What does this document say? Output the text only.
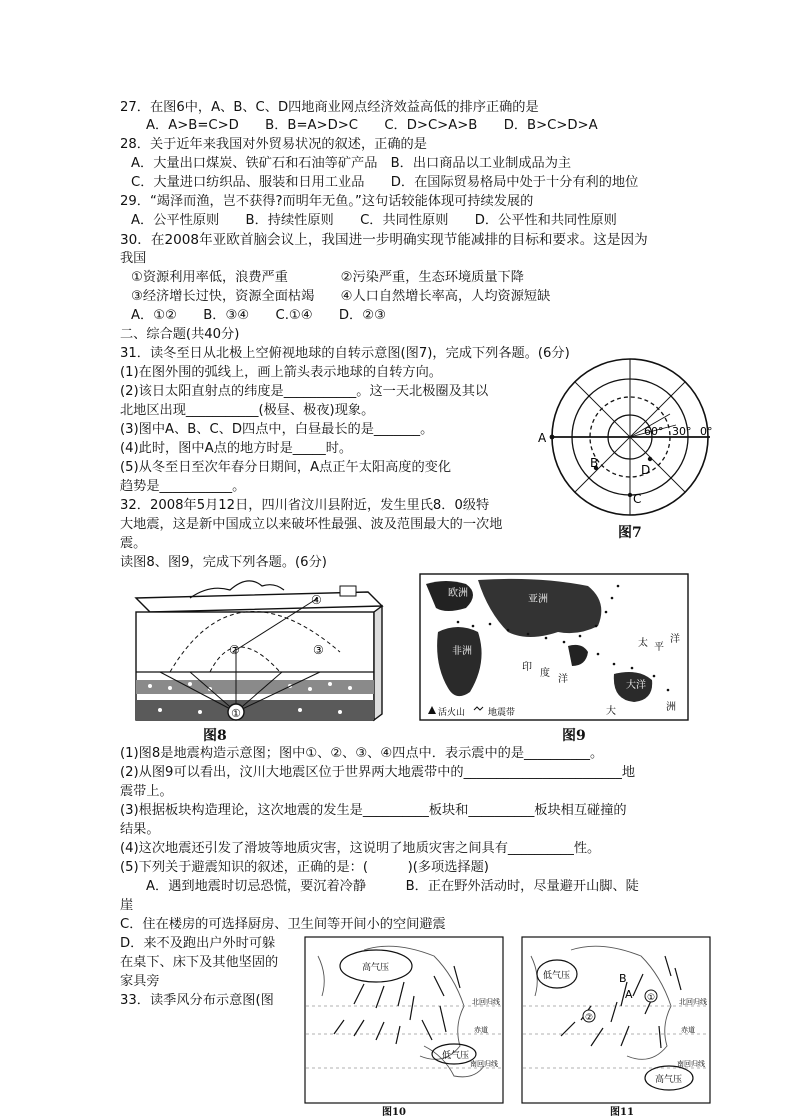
27．在图6中，A、B、C、D四地商业网点经济效益高低的排序正确的是
A．A>B=C>D　　B．B=A>D>C　　C．D>C>A>B　　D．B>C>D>A
28．关于近年来我国对外贸易状况的叙述，正确的是
A．大量出口煤炭、铁矿石和石油等矿产品　B．出口商品以工业制成品为主
C．大量进口纺织品、服装和日用工业品　　D．在国际贸易格局中处于十分有利的地位
29．“竭泽而渔，岂不获得?而明年无鱼。”这句话较能体现可持续发展的
A．公平性原则　　B．持续性原则　　C．共同性原则　　D．公平性和共同性原则
30．在2008年亚欧首脑会议上，我国进一步明确实现节能减排的目标和要求。这是因为
我国
①资源利用率低，浪费严重　　　　②污染严重，生态环境质量下降
③经济增长过快，资源全面枯竭　　④人口自然增长率高，人均资源短缺
A．①②　　B．③④　　C.①④　　D．②③
二、综合题(共40分)
31．读冬至日从北极上空俯视地球的自转示意图(图7)，完成下列各题。(6分)
(1)在图外围的弧线上，画上箭头表示地球的自转方向。
(2)该日太阳直射点的纬度是___________。这一天北极圈及其以
北地区出现___________(极昼、极夜)现象。
(3)图中A、B、C、D四点中，白昼最长的是_______。
(4)此时，图中A点的地方时是_____时。
(5)从冬至日至次年春分日期间，A点正午太阳高度的变化
趋势是___________。
A
B
C
D
60° 30° 0°
图7
32．2008年5月12日，四川省汶川县附近，发生里氏8．0级特
大地震，这是新中国成立以来破坏性最强、波及范围最大的一次地
震。
读图8、图9，完成下列各题。(6分)
①
②	③
④
图8
欧洲
非洲
亚洲
大洋
太 平
洋
印
度
洋
大	洲
活火山	地震带
图9
(1)图8是地震构造示意图；图中①、②、③、④四点中．表示震中的是__________。
(2)从图9可以看出，汶川大地震区位于世界两大地震带中的________________________地
震带上。
(3)根据板块构造理论，这次地震的发生是__________板块和__________板块相互碰撞的
结果。
(4)这次地震还引发了滑坡等地质灾害，这说明了地质灾害之间具有__________性。
(5)下列关于避震知识的叙述，正确的是：(　　　)(多项选择题)
A．遇到地震时切忌恐慌，要沉着冷静　　　B．正在野外活动时，尽量避开山脚、陡
崖
C．住在楼房的可选择厨房、卫生间等开间小的空间避震
D．来不及跑出户外时可躲
在桌下、床下及其他坚固的
家具旁
33．读季风分布示意图(图
高气压
低气压
北回归线
赤道
南回归线
图10
②
①
B
A
低气压
高气压
北回归线
赤道
南回归线
图11
